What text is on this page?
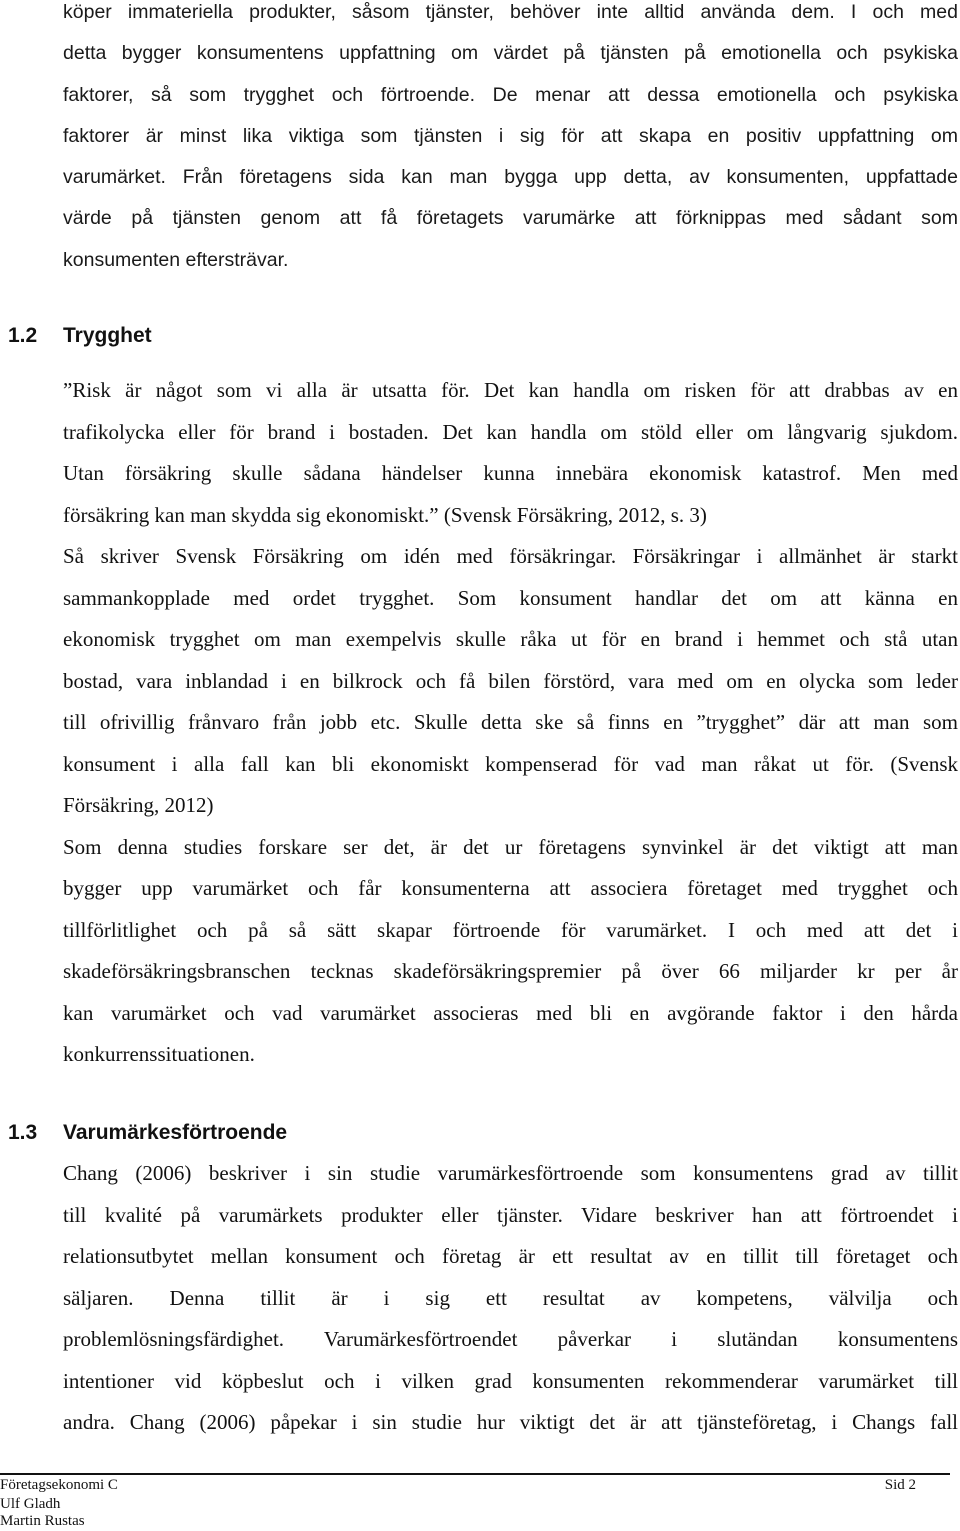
köper immateriella produkter, såsom tjänster, behöver inte alltid använda dem. I och med
detta bygger konsumentens uppfattning om värdet på tjänsten på emotionella och psykiska
faktorer, så som trygghet och förtroende. De menar att dessa emotionella och psykiska
faktorer är minst lika viktiga som tjänsten i sig för att skapa en positiv uppfattning om
varumärket. Från företagens sida kan man bygga upp detta, av konsumenten, uppfattade
värde på tjänsten genom att få företagets varumärke att förknippas med sådant som
konsumenten eftersträvar.
1.2 Trygghet
”Risk är något som vi alla är utsatta för. Det kan handla om risken för att drabbas av en
trafikolycka eller för brand i bostaden. Det kan handla om stöld eller om långvarig sjukdom.
Utan försäkring skulle sådana händelser kunna innebära ekonomisk katastrof. Men med
försäkring kan man skydda sig ekonomiskt.” (Svensk Försäkring, 2012, s. 3)
Så skriver Svensk Försäkring om idén med försäkringar. Försäkringar i allmänhet är starkt
sammankopplade med ordet trygghet. Som konsument handlar det om att känna en
ekonomisk trygghet om man exempelvis skulle råka ut för en brand i hemmet och stå utan
bostad, vara inblandad i en bilkrock och få bilen förstörd, vara med om en olycka som leder
till ofrivillig frånvaro från jobb etc. Skulle detta ske så finns en ”trygghet” där att man som
konsument i alla fall kan bli ekonomiskt kompenserad för vad man råkat ut för. (Svensk
Försäkring, 2012)
Som denna studies forskare ser det, är det ur företagens synvinkel är det viktigt att man
bygger upp varumärket och får konsumenterna att associera företaget med trygghet och
tillförlitlighet och på så sätt skapar förtroende för varumärket. I och med att det i
skadeförsäkringsbranschen tecknas skadeförsäkringspremier på över 66 miljarder kr per år
kan varumärket och vad varumärket associeras med bli en avgörande faktor i den hårda
konkurrenssituationen.
1.3 Varumärkesförtroende
Chang (2006) beskriver i sin studie varumärkesförtroende som konsumentens grad av tillit
till kvalité på varumärkets produkter eller tjänster. Vidare beskriver han att förtroendet i
relationsutbytet mellan konsument och företag är ett resultat av en tillit till företaget och
säljaren. Denna tillit är i sig ett resultat av kompetens, välvilja och
problemlösningsfärdighet. Varumärkesförtroendet påverkar i slutändan konsumentens
intentioner vid köpbeslut och i vilken grad konsumenten rekommenderar varumärket till
andra. Chang (2006) påpekar i sin studie hur viktigt det är att tjänsteföretag, i Changs fall
Företagsekonomi C	Sid 2
Ulf Gladh
Martin Rustas
